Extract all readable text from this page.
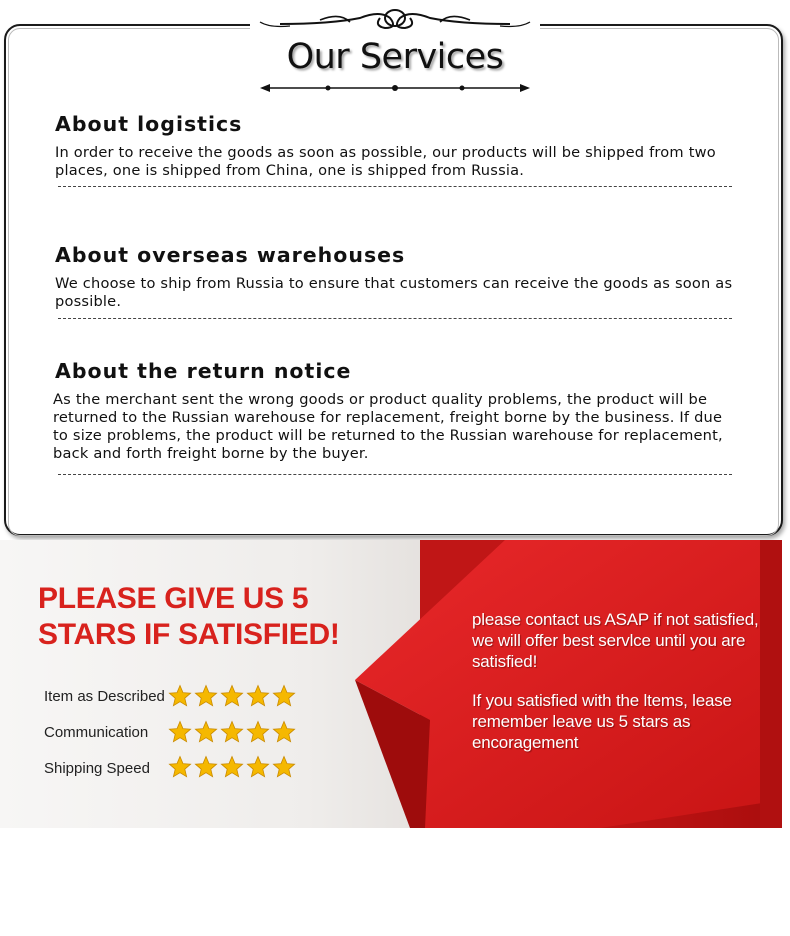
Our Services
About logistics

In order to receive the goods as soon as possible, our products will be shipped from two places, one is shipped from China, one is shipped from Russia.

About overseas warehouses

We choose to ship from Russia to ensure that customers can receive the goods as soon as possible.

About the return notice

As the merchant sent the wrong goods or product quality problems, the product will be returned to the Russian warehouse for replacement, freight borne by the business. If due to size problems, the product will be returned to the Russian warehouse for replacement, back and forth freight borne by the buyer.

PLEASE GIVE US 5
STARS IF SATISFIED!
Item as Described
Communication
Shipping Speed
please contact us ASAP if not satisfied, we will offer best servlce until you are satisfied!
If you satisfied with the ltems, lease remember leave us 5 stars as encoragement
